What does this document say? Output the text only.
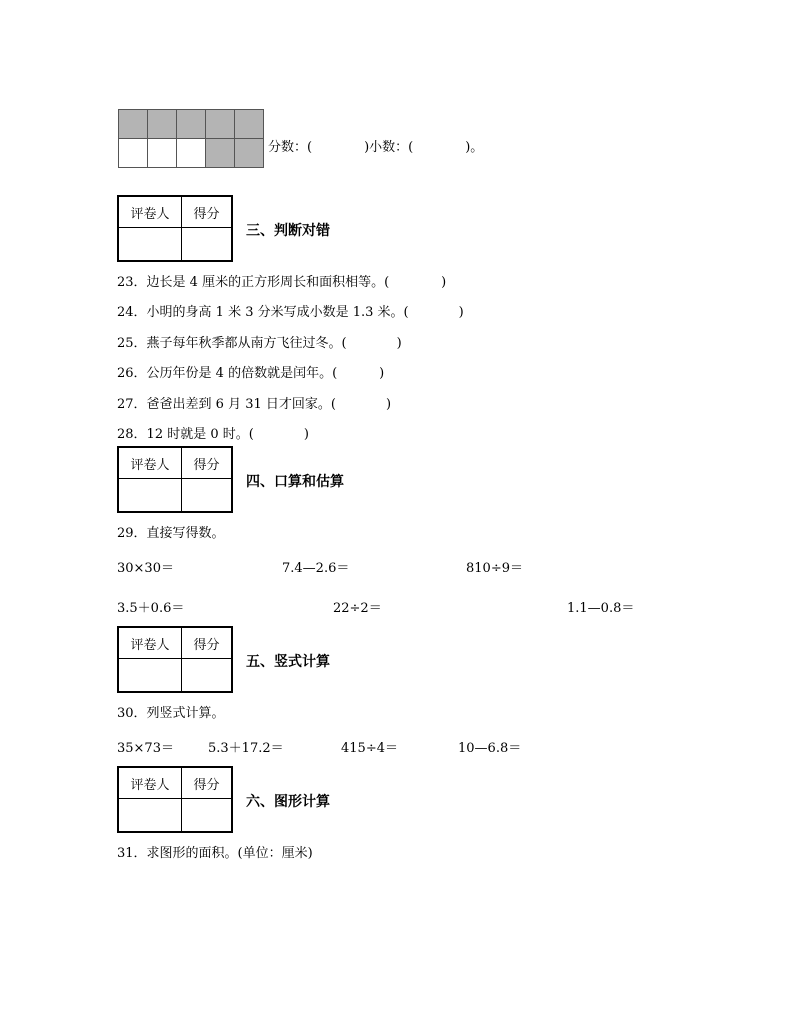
分数：(	)小数：(	)。
评卷人	得分

三、判断对错
23．边长是 4 厘米的正方形周长和面积相等。(	)
24．小明的身高 1 米 3 分米写成小数是 1.3 米。(	)
25．燕子每年秋季都从南方飞往过冬。(	)
26．公历年份是 4 的倍数就是闰年。(	)
27．爸爸出差到 6 月 31 日才回家。(	)
28．12 时就是 0 时。(	)
评卷人	得分

四、口算和估算
29．直接写得数。
30×30＝	7.4—2.6＝	810÷9＝
3.5＋0.6＝	22÷2＝	1.1—0.8＝
评卷人	得分

五、竖式计算
30．列竖式计算。
35×73＝	5.3＋17.2＝	415÷4＝	10—6.8＝
评卷人	得分

六、图形计算
31．求图形的面积。(单位：厘米)
